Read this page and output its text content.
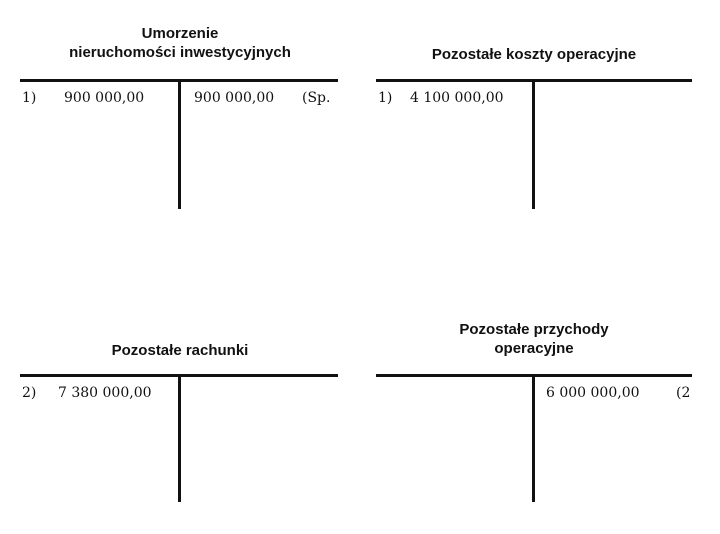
Umorzenie
nieruchomości inwestycyjnych
1) 900 000,00	900 000,00 (Sp.
Pozostałe koszty operacyjne
1) 4 100 000,00
Pozostałe rachunki
2) 7 380 000,00
Pozostałe przychody
operacyjne
6 000 000,00	(2
